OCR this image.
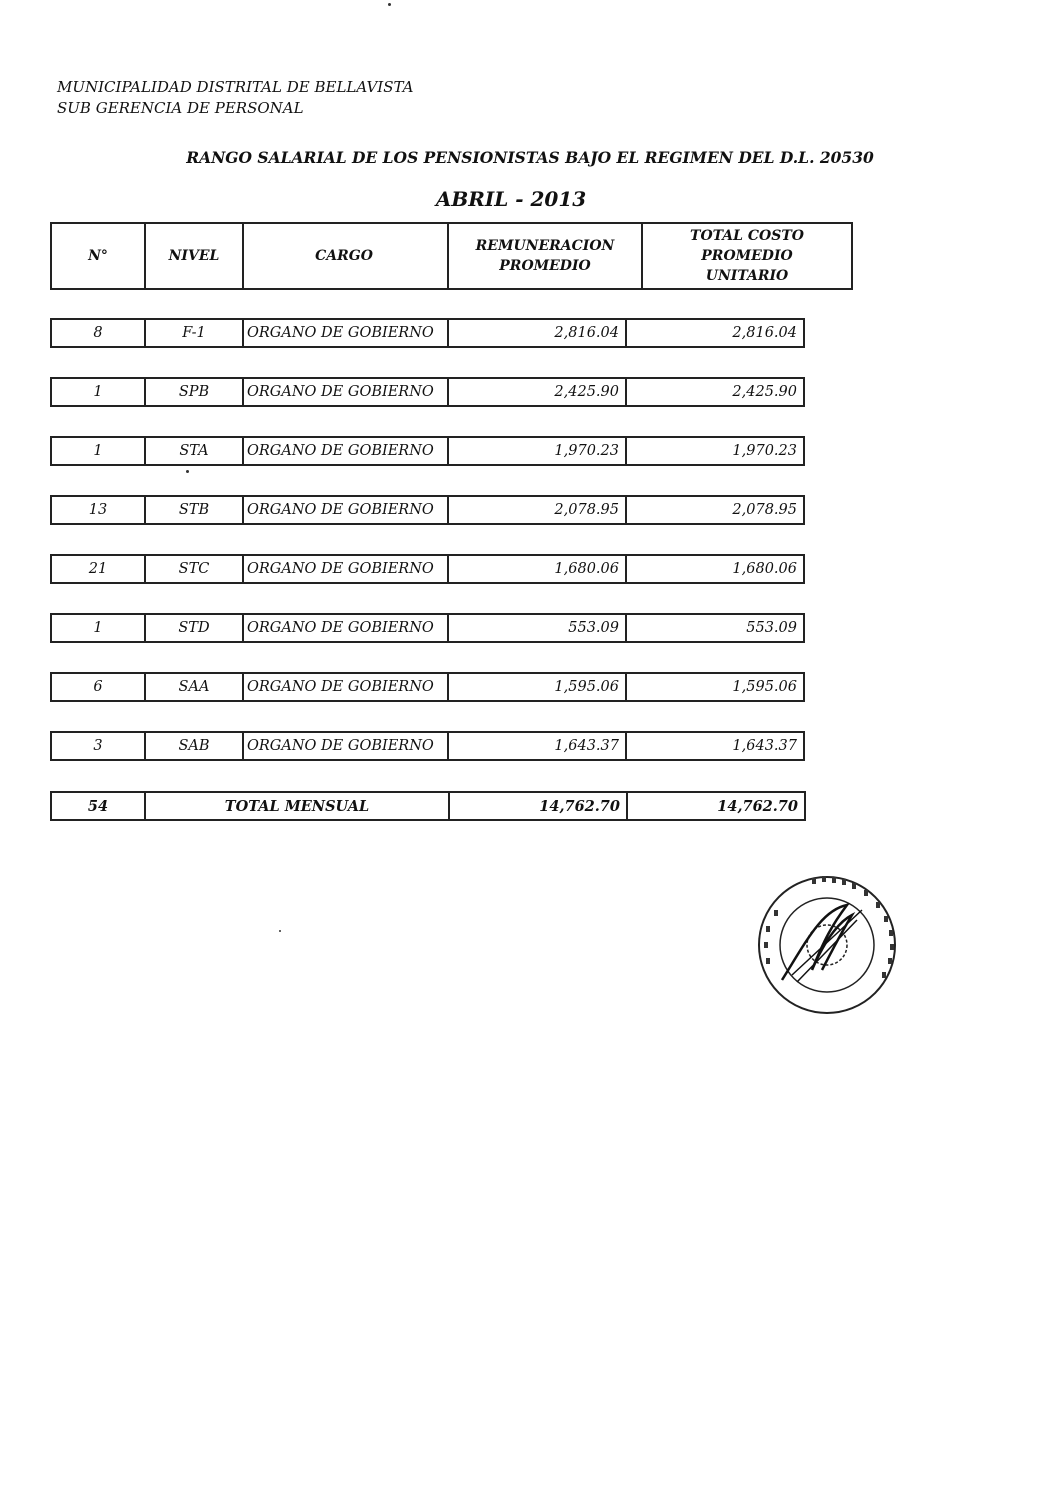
MUNICIPALIDAD DISTRITAL DE BELLAVISTA
SUB GERENCIA DE PERSONAL
RANGO SALARIAL DE LOS PENSIONISTAS BAJO EL REGIMEN DEL D.L. 20530
ABRIL - 2013
N°	NIVEL	CARGO	REMUNERACION PROMEDIO	TOTAL COSTO PROMEDIO UNITARIO
8	F-1	ORGANO DE GOBIERNO	2,816.04	2,816.04
1	SPB	ORGANO DE GOBIERNO	2,425.90	2,425.90
1	STA	ORGANO DE GOBIERNO	1,970.23	1,970.23
13	STB	ORGANO DE GOBIERNO	2,078.95	2,078.95
21	STC	ORGANO DE GOBIERNO	1,680.06	1,680.06
1	STD	ORGANO DE GOBIERNO	553.09	553.09
6	SAA	ORGANO DE GOBIERNO	1,595.06	1,595.06
3	SAB	ORGANO DE GOBIERNO	1,643.37	1,643.37
54	TOTAL MENSUAL	14,762.70	14,762.70
